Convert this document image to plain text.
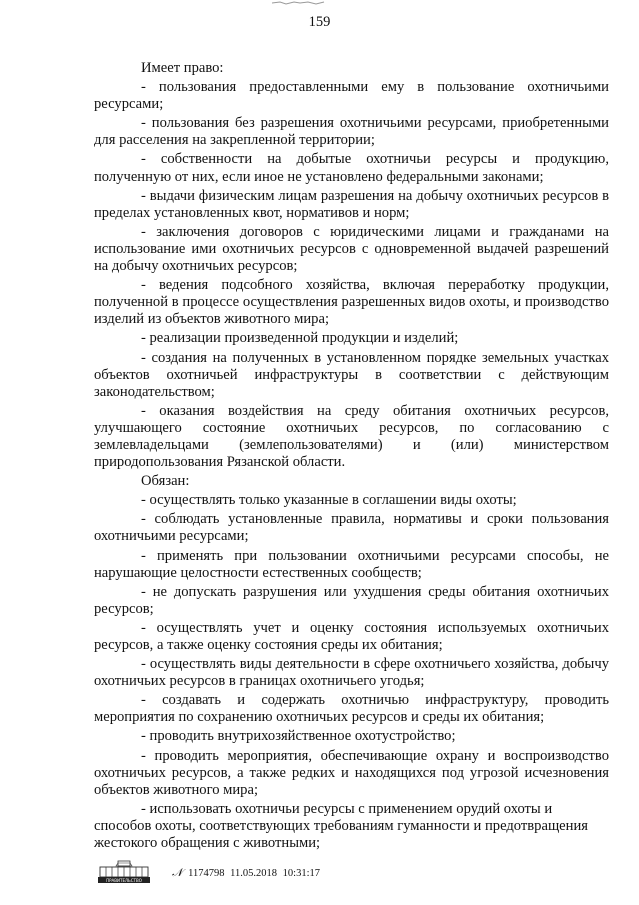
159

Имеет право:

- пользования предоставленными ему в пользование охотничьими ресурсами;

- пользования без разрешения охотничьими ресурсами, приобретенными для расселения на закрепленной территории;

- собственности на добытые охотничьи ресурсы и продукцию, полученную от них, если иное не установлено федеральными законами;

- выдачи физическим лицам разрешения на добычу охотничьих ресурсов в пределах установленных квот, нормативов и норм;

- заключения договоров с юридическими лицами и гражданами на использование ими охотничьих ресурсов с одновременной выдачей разрешений на добычу охотничьих ресурсов;

- ведения подсобного хозяйства, включая переработку продукции, полученной в процессе осуществления разрешенных видов охоты, и производство изделий из объектов животного мира;

- реализации произведенной продукции и изделий;

- создания на полученных в установленном порядке земельных участках объектов охотничьей инфраструктуры в соответствии с действующим законодательством;

- оказания воздействия на среду обитания охотничьих ресурсов, улучшающего состояние охотничьих ресурсов, по согласованию с землевладельцами (землепользователями) и (или) министерством природопользования Рязанской области.

Обязан:

- осуществлять только указанные в соглашении виды охоты;

- соблюдать установленные правила, нормативы и сроки пользования охотничьими ресурсами;

- применять при пользовании охотничьими ресурсами способы, не нарушающие целостности естественных сообществ;

- не допускать разрушения или ухудшения среды обитания охотничьих ресурсов;

- осуществлять учет и оценку состояния используемых охотничьих ресурсов, а также оценку состояния среды их обитания;

- осуществлять виды деятельности в сфере охотничьего хозяйства, добычу охотничьих ресурсов в границах охотничьего угодья;

- создавать и содержать охотничью инфраструктуру, проводить мероприятия по сохранению охотничьих ресурсов и среды их обитания;

- проводить внутрихозяйственное охотустройство;

- проводить мероприятия, обеспечивающие охрану и воспроизводство охотничьих ресурсов, а также редких и находящихся под угрозой исчезновения объектов животного мира;

- использовать охотничьи ресурсы с применением орудий охоты и способов охоты, соответствующих требованиям гуманности и предотвращения жестокого обращения с животными;

ПРАВИТЕЛЬСТВО
𝒩 1174798 11.05.2018 10:31:17
